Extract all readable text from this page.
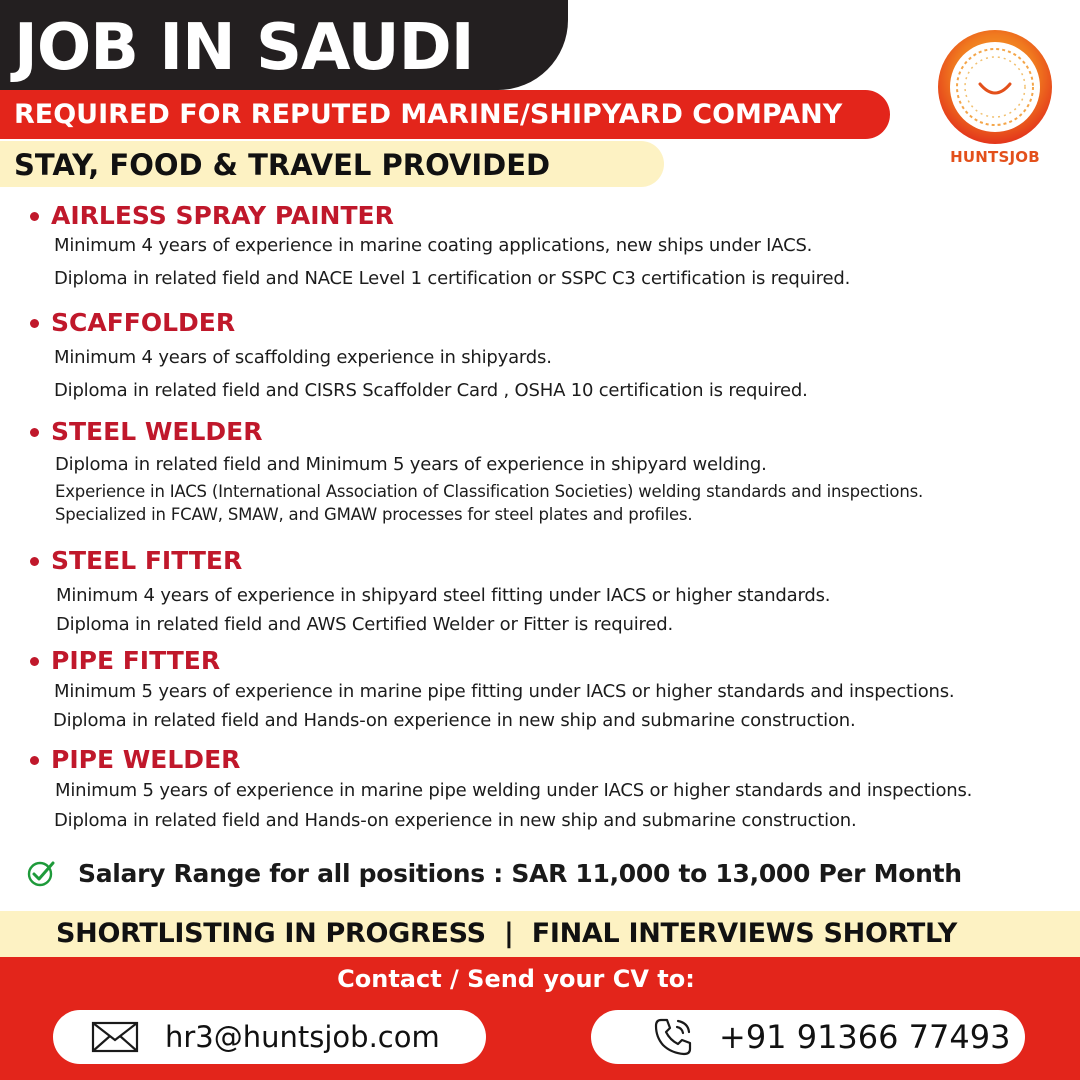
JOB IN SAUDI
REQUIRED FOR REPUTED MARINE/SHIPYARD COMPANY
STAY, FOOD & TRAVEL PROVIDED	HUNTSJOB
AIRLESS SPRAY PAINTER
Minimum 4 years of experience in marine coating applications, new ships under IACS.
Diploma in related field and NACE Level 1 certification or SSPC C3 certification is required.
SCAFFOLDER
Minimum 4 years of scaffolding experience in shipyards.
Diploma in related field and CISRS Scaffolder Card , OSHA 10 certification is required.
STEEL WELDER
Diploma in related field and Minimum 5 years of experience in shipyard welding.
Experience in IACS (International Association of Classification Societies) welding standards and inspections.
Specialized in FCAW, SMAW, and GMAW processes for steel plates and profiles.
STEEL FITTER
Minimum 4 years of experience in shipyard steel fitting under IACS or higher standards.
Diploma in related field and AWS Certified Welder or Fitter is required.
PIPE FITTER
Minimum 5 years of experience in marine pipe fitting under IACS or higher standards and inspections.
Diploma in related field and Hands-on experience in new ship and submarine construction.
PIPE WELDER
Minimum 5 years of experience in marine pipe welding under IACS or higher standards and inspections.
Diploma in related field and Hands-on experience in new ship and submarine construction.
Salary Range for all positions : SAR 11,000 to 13,000 Per Month
SHORTLISTING IN PROGRESS  |  FINAL INTERVIEWS SHORTLY
Contact / Send your CV to:
hr3@huntsjob.com	+91 91366 77493
